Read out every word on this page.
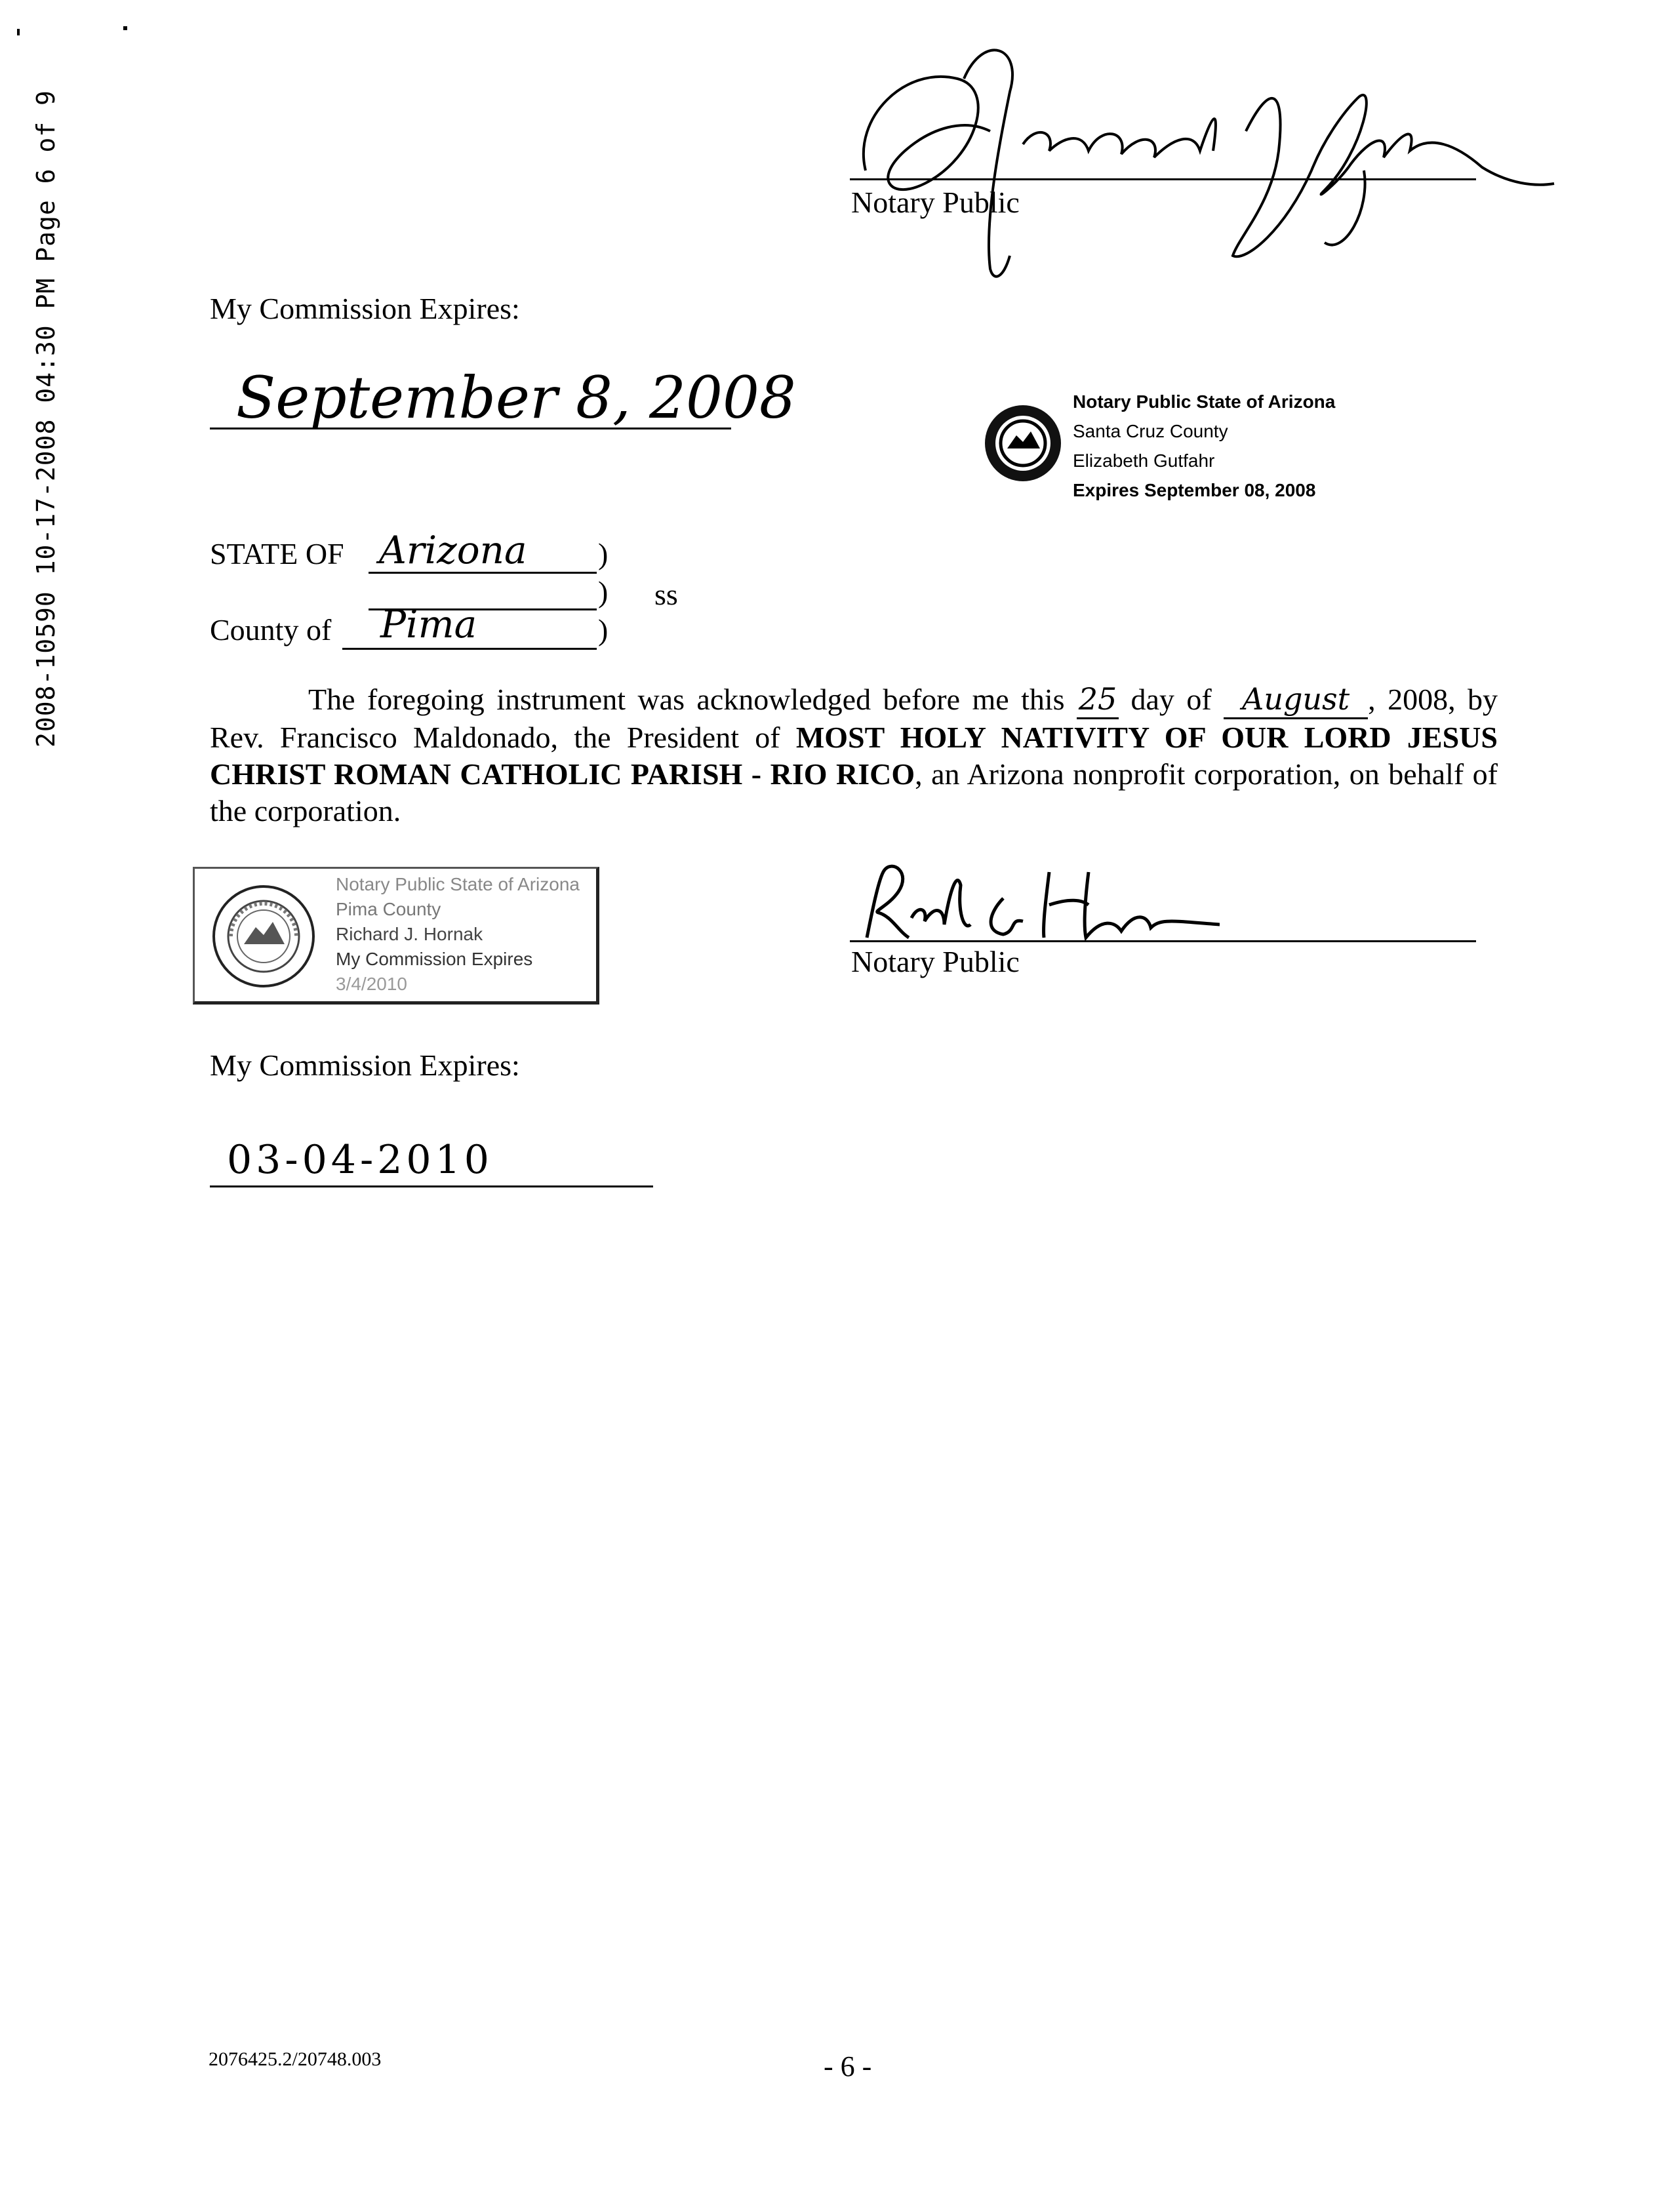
2008-10590 10-17-2008 04:30 PM Page 6 of 9	Notary Public
My Commission Expires:
September 8, 2008	Notary Public State of Arizona
Santa Cruz County
Elizabeth Gutfahr
Expires September 08, 2008
STATE OF Arizona )
) ss
County of Pima	)
The foregoing instrument was acknowledged before me this 25 day of August , 2008, by Rev. Francisco Maldonado, the President of MOST HOLY NATIVITY OF OUR LORD JESUS CHRIST ROMAN CATHOLIC PARISH - RIO RICO, an Arizona nonprofit corporation, on behalf of the corporation.
Notary Public State of Arizona
Pima County
Richard J. Hornak
My Commission Expires
3/4/2010
Notary Public
My Commission Expires:
03-04-2010
2076425.2/20748.003	- 6 -
